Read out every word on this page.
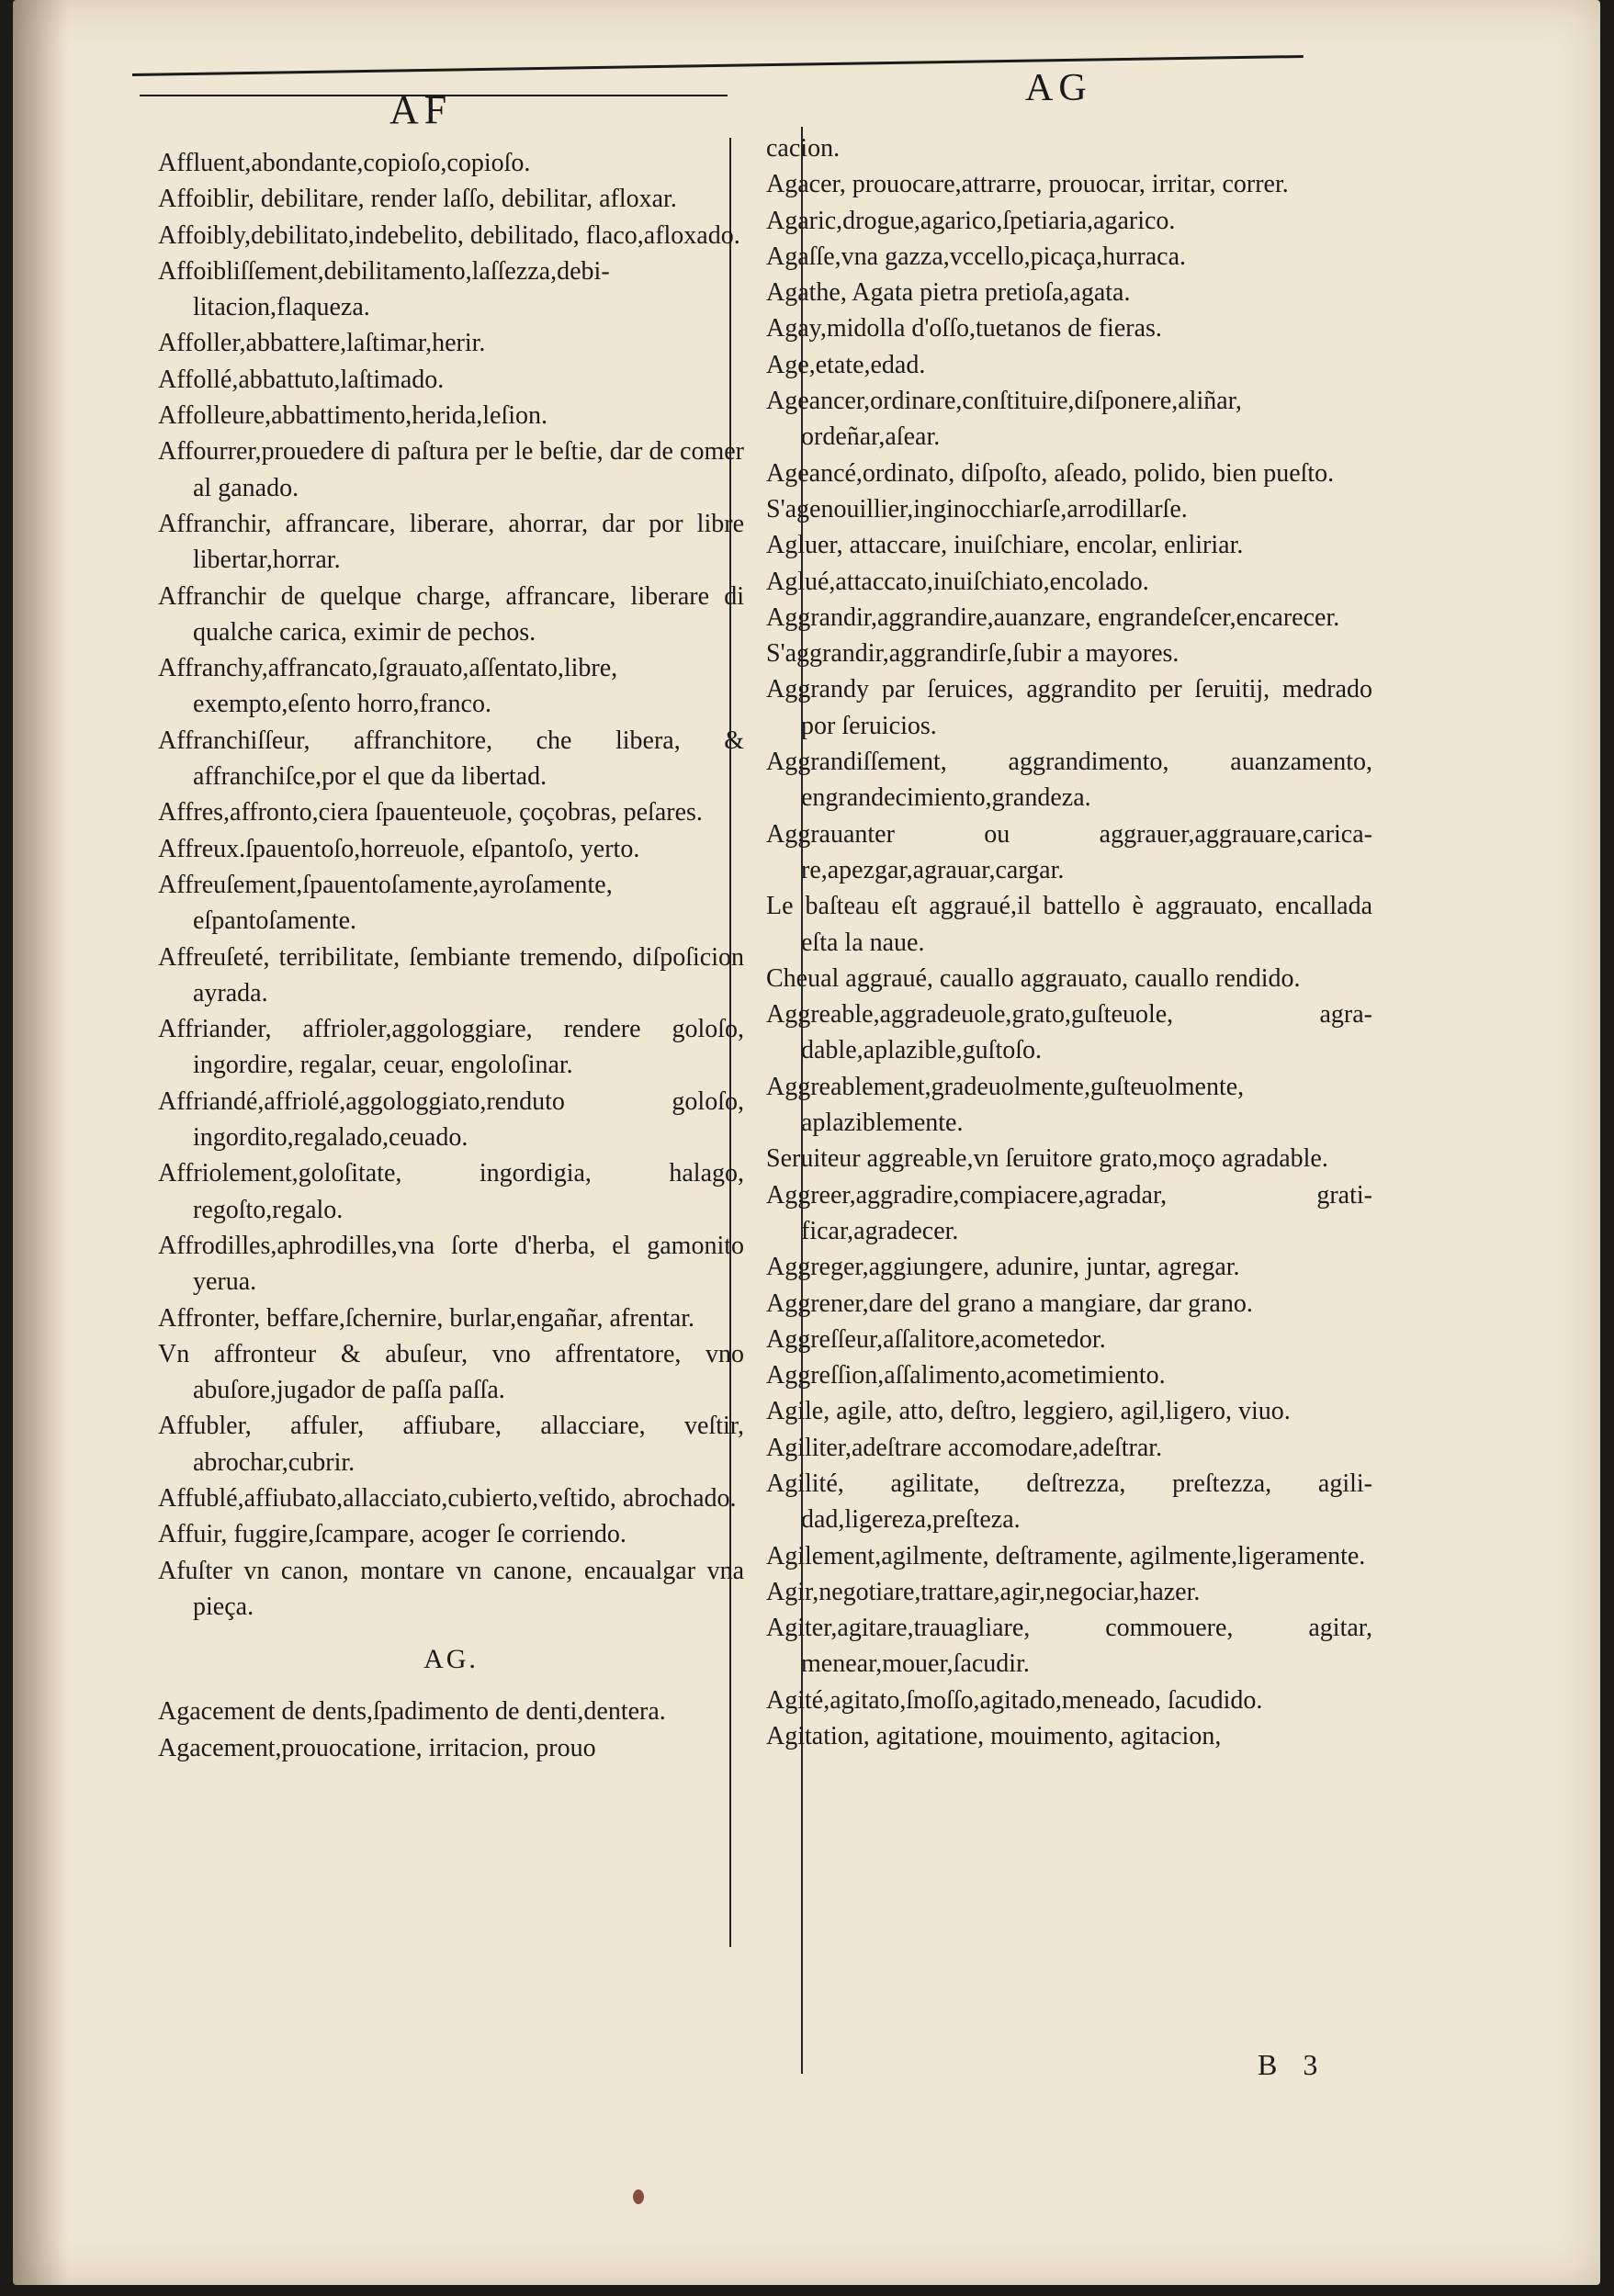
AF	AG
Affluent,abondante,copioſo,copioſo.
Affoiblir, debilitare, render laſſo, debilitar, afloxar.
Affoibly,debilitato,indebelito, debilitado, flaco,afloxado.
Affoibliſſement,debilitamento,laſſezza,debilitacion,flaqueza.
Affoller,abbattere,laſtimar,herir.
Affollé,abbattuto,laſtimado.
Affolleure,abbattimento,herida,leſion.
Affourrer,prouedere di paſtura per le beſtie, dar de comer al ganado.
Affranchir, affrancare, liberare, ahorrar, dar por libre libertar,horrar.
Affranchir de quelque charge, affrancare, liberare di qualche carica, eximir de pechos.
Affranchy,affrancato,ſgrauato,aſſentato,libre, exempto,eſento horro,franco.
Affranchiſſeur, affranchitore, che libera, & affranchiſce,por el que da libertad.
Affres,affronto,ciera ſpauenteuole, çoçobras, peſares.
Affreux.ſpauentoſo,horreuole, eſpantoſo, yerto.
Affreuſement,ſpauentoſamente,ayroſamente, eſpantoſamente.
Affreuſeté, terribilitate, ſembiante tremendo, diſpoſicion ayrada.
Affriander, affrioler,aggologgiare, rendere goloſo, ingordire, regalar, ceuar, engoloſinar.
Affriandé,affriolé,aggologgiato,renduto goloſo, ingordito,regalado,ceuado.
Affriolement,goloſitate, ingordigia, halago, regoſto,regalo.
Affrodilles,aphrodilles,vna ſorte d'herba, el gamonito yerua.
Affronter, beffare,ſchernire, burlar,engañar, afrentar.
Vn affronteur & abuſeur, vno affrentatore, vno abuſore,jugador de paſſa paſſa.
Affubler, affuler, affiubare, allacciare, veſtir, abrochar,cubrir.
Affublé,affiubato,allacciato,cubierto,veſtido, abrochado.
Affuir, fuggire,ſcampare, acoger ſe corriendo.
Afuſter vn canon, montare vn canone, encaualgar vna pieça.
AG.
Agacement de dents,ſpadimento de denti,dentera.
Agacement,prouocatione, irritacion, prouo
cacion.
Agacer, prouocare,attrarre, prouocar, irritar, correr.
Agaric,drogue,agarico,ſpetiaria,agarico.
Agaſſe,vna gazza,vccello,picaça,hurraca.
Agathe, Agata pietra pretioſa,agata.
Agay,midolla d'oſſo,tuetanos de fieras.
Age,etate,edad.
Ageancer,ordinare,conſtituire,diſponere,aliñar, ordeñar,aſear.
Ageancé,ordinato, diſpoſto, aſeado, polido, bien pueſto.
S'agenouillier,inginocchiarſe,arrodillarſe.
Agluer, attaccare, inuiſchiare, encolar, enliriar.
Aglué,attaccato,inuiſchiato,encolado.
Aggrandir,aggrandire,auanzare, engrandeſcer,encarecer.
S'aggrandir,aggrandirſe,ſubir a mayores.
Aggrandy par ſeruices, aggrandito per ſeruitij, medrado por ſeruicios.
Aggrandiſſement, aggrandimento, auanzamento, engrandecimiento,grandeza.
Aggrauanter ou aggrauer,aggrauare,caricare,apezgar,agrauar,cargar.
Le baſteau eſt aggraué,il battello è aggrauato, encallada eſta la naue.
Cheual aggraué, cauallo aggrauato, cauallo rendido.
Aggreable,aggradeuole,grato,guſteuole, agradable,aplazible,guſtoſo.
Aggreablement,gradeuolmente,guſteuolmente, aplaziblemente.
Seruiteur aggreable,vn ſeruitore grato,moço agradable.
Aggreer,aggradire,compiacere,agradar, gratificar,agradecer.
Aggreger,aggiungere, adunire, juntar, agregar.
Aggrener,dare del grano a mangiare, dar grano.
Aggreſſeur,aſſalitore,acometedor.
Aggreſſion,aſſalimento,acometimiento.
Agile, agile, atto, deſtro, leggiero, agil,ligero, viuo.
Agiliter,adeſtrare accomodare,adeſtrar.
Agilité, agilitate, deſtrezza, preſtezza, agilidad,ligereza,preſteza.
Agilement,agilmente, deſtramente, agilmente,ligeramente.
Agir,negotiare,trattare,agir,negociar,hazer.
Agiter,agitare,trauagliare, commouere, agitar, menear,mouer,ſacudir.
Agité,agitato,ſmoſſo,agitado,meneado, ſacudido.
Agitation, agitatione, mouimento, agitacion,
B 3
